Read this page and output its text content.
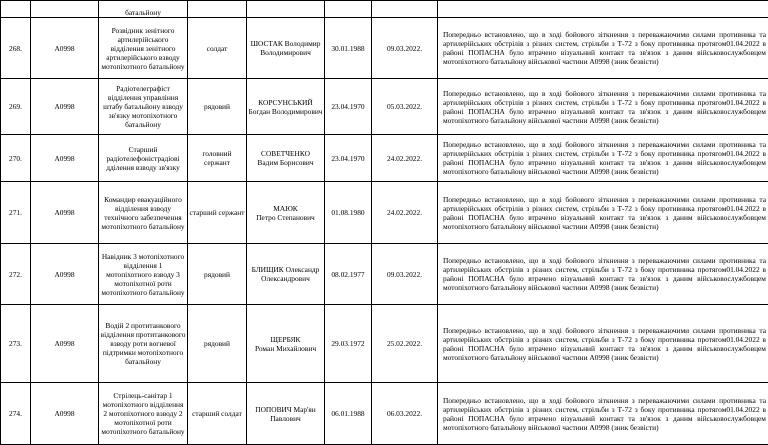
		батальйону					
268.	А0998	Розвідник зенітного артилерійського відділення зенітного артилерійського взводу мотопіхотного батальйону	солдат	ШОСТАК Володимир
Володимирович	30.01.1988	09.03.2022.	Попередньо встановлено, що в ході бойового зіткнення з переважаючими силами противника та артилерійських обстрілів з різних систем, стрільби з Т-72 з боку противника протягом01.04.2022 в районі ПОПАСНА було втрачено візуальний контакт та зв'язок з даним військовослужбовцем мотопіхотного батальйону військової частини А0998 (зник безвісти)

269.	А0998	Радіотелеграфіст відділення управління штабу батальйону взводу зв'язку мотопіхотного батальйону	рядовий	КОРСУНСЬКИЙ
Богдан Володимирович	23.04.1970	05.03.2022.	Попередньо встановлено, що в ході бойового зіткнення з переважаючими силами противника та артилерійських обстрілів з різних систем, стрільби з Т-72 з боку противника протягом01.04.2022 в районі ПОПАСНА було втрачено візуальний контакт та зв'язок з даним військовослужбовцем мотопіхотного батальйону військової частини А0998 (зник безвісти)

270.	А0998	Старший радіотелефоністрадіові дділення взводу зв'язку	головний сержант	СОВЕТЧЕНКО
Вадим Борисович	23.04.1970	24.02.2022.	Попередньо встановлено, що в ході бойового зіткнення з переважаючими силами противника та артилерійських обстрілів з різних систем, стрільби з Т-72 з боку противника протягом01.04.2022 в районі ПОПАСНА було втрачено візуальний контакт та зв'язок з даним військовослужбовцем мотопіхотного батальйону військової частини А0998 (зник безвісти)

271.	А0998	Командир евакуаційного відділення взводу технічного забезпечення мотопіхотного батальйону	старший сержант	МАЮК
Петро Степанович	01.08.1980	24.02.2022.	Попередньо встановлено, що в ході бойового зіткнення з переважаючими силами противника та артилерійських обстрілів з різних систем, стрільби з Т-72 з боку противника протягом01.04.2022 в районі ПОПАСНА було втрачено візуальний контакт та зв'язок з даним військовослужбовцем мотопіхотного батальйону військової частини А0998 (зник безвісти)

272.	А0998	Навідник 3 мотопіхотного відділення 1 мотопіхотного взводу 3 мотопіхотної роти мотопіхотного батальйону	рядовий	БЛИЩИК Олександр
Олександрович	08.02.1977	09.03.2022.	Попередньо встановлено, що в ході бойового зіткнення з переважаючими силами противника та артилерійських обстрілів з різних систем, стрільби з Т-72 з боку противника протягом01.04.2022 в районі ПОПАСНА було втрачено візуальний контакт та зв'язок з даним військовослужбовцем мотопіхотного батальйону військової частини А0998 (зник безвісти)

273.	А0998	Водій 2 протитанкового відділення протитанкового взводу роти вогневої підтримки мотопіхотного батальйону	рядовий	ЩЕРБЯК
Роман Михайлович	29.03.1972	25.02.2022.	Попередньо встановлено, що в ході бойового зіткнення з переважаючими силами противника та артилерійських обстрілів з різних систем, стрільби з Т-72 з боку противника протягом01.04.2022 в районі ПОПАСНА було втрачено візуальний контакт та зв'язок з даним військовослужбовцем мотопіхотного батальйону військової частини А0998 (зник безвісти)

274.	А0998	Стрілець-санітар 1 мотопіхотного відділення 2 мотопіхотного взводу 2 мотопіхотної роти мотопіхотного батальйону	старший солдат	ПОПОВИЧ Мар'ян
Павлович	06.01.1988	06.03.2022.	Попередньо встановлено, що в ході бойового зіткнення з переважаючими силами противника та артилерійських обстрілів з різних систем, стрільби з Т-72 з боку противника протягом01.04.2022 в районі ПОПАСНА було втрачено візуальний контакт та зв'язок з даним військовослужбовцем мотопіхотного батальйону військової частини А0998 (зник безвісти)
